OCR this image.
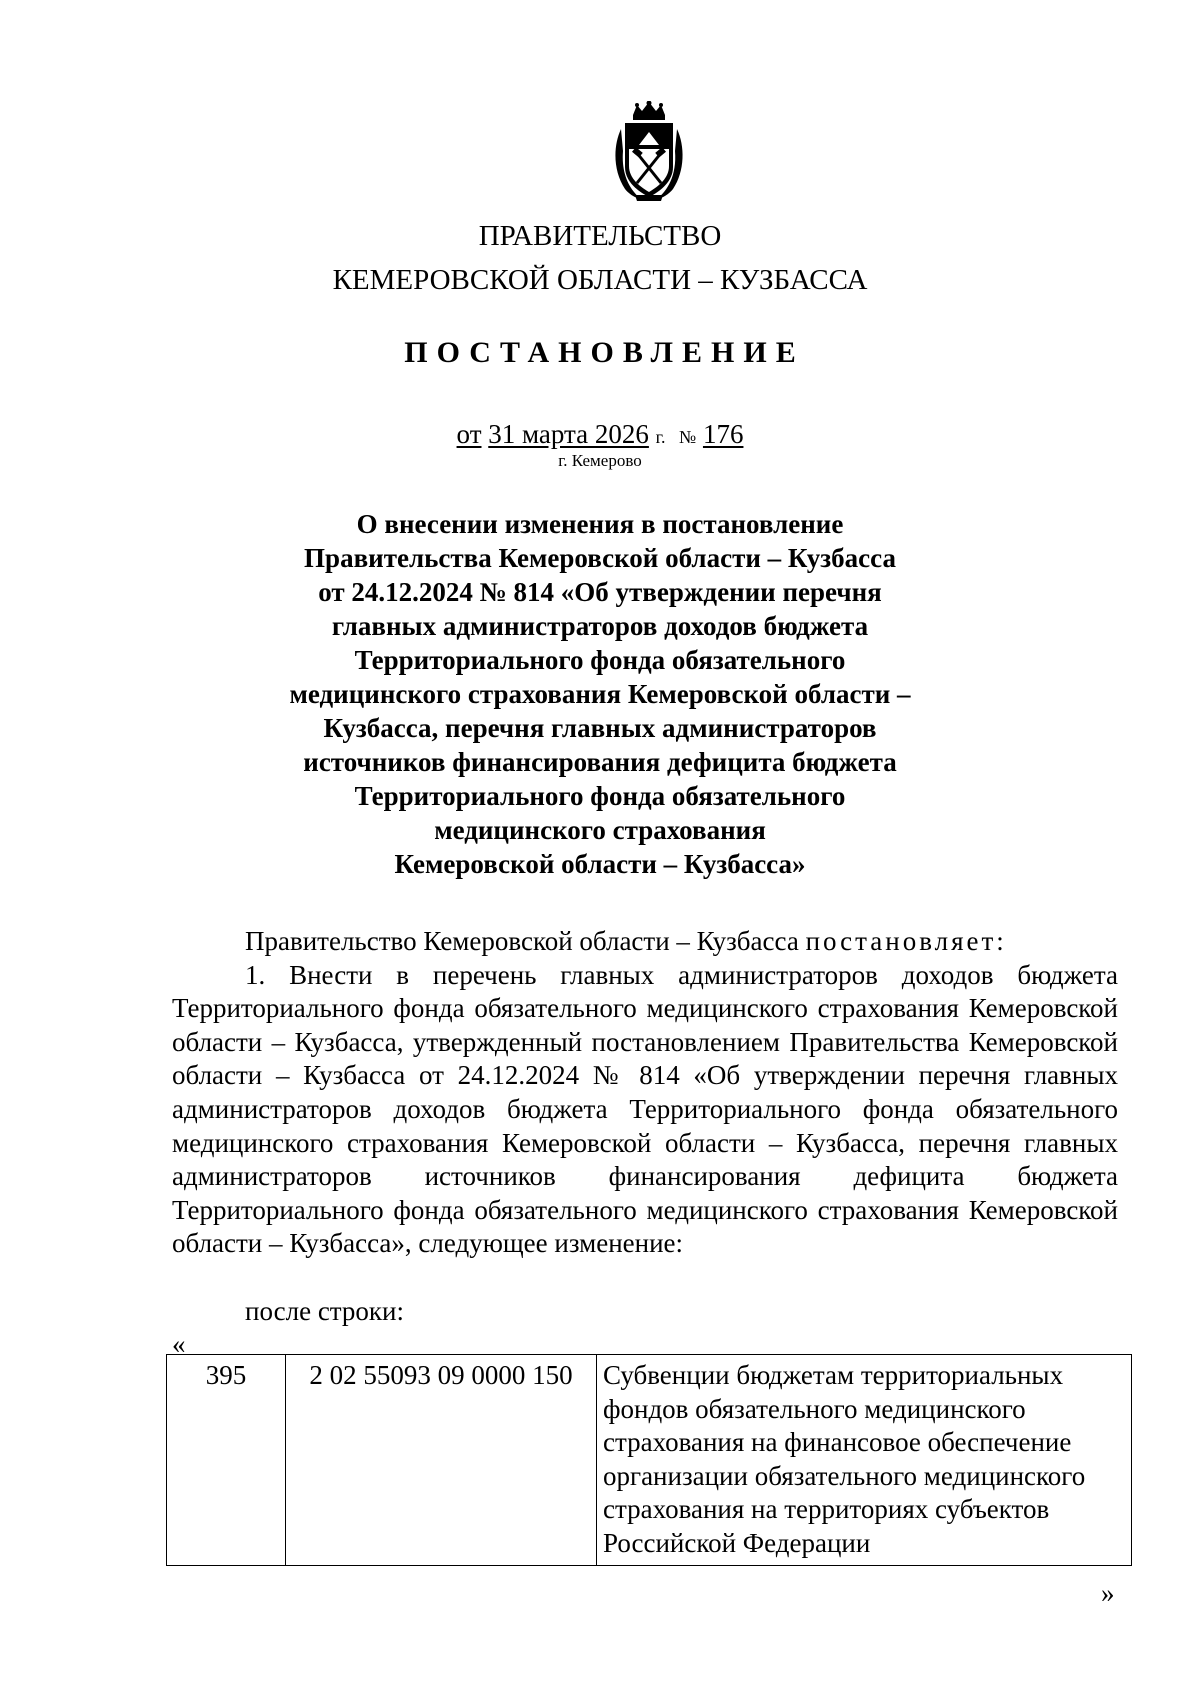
ПРАВИТЕЛЬСТВО
КЕМЕРОВСКОЙ ОБЛАСТИ – КУЗБАССА
ПОСТАНОВЛЕНИЕ
от 31 марта 2026 г. № 176
г. Кемерово
О внесении изменения в постановление
Правительства Кемеровской области – Кузбасса
от 24.12.2024 № 814 «Об утверждении перечня
главных администраторов доходов бюджета
Территориального фонда обязательного
медицинского страхования Кемеровской области –
Кузбасса, перечня главных администраторов
источников финансирования дефицита бюджета
Территориального фонда обязательного
медицинского страхования
Кемеровской области – Кузбасса»
Правительство Кемеровской области – Кузбасса постановляет:
1. Внести в перечень главных администраторов доходов бюджета Территориального фонда обязательного медицинского страхования Кемеровской области – Кузбасса, утвержденный постановлением Правительства Кемеровской области – Кузбасса от 24.12.2024 № 814 «Об утверждении перечня главных администраторов доходов бюджета Территориального фонда обязательного медицинского страхования Кемеровской области – Кузбасса, перечня главных администраторов источников финансирования дефицита бюджета Территориального фонда обязательного медицинского страхования Кемеровской области – Кузбасса», следующее изменение:
после строки:
«
395	2 02 55093 09 0000 150	Субвенции бюджетам территориальных фондов обязательного медицинского страхования на финансовое обеспечение организации обязательного медицинского страхования на территориях субъектов Российской Федерации
»
